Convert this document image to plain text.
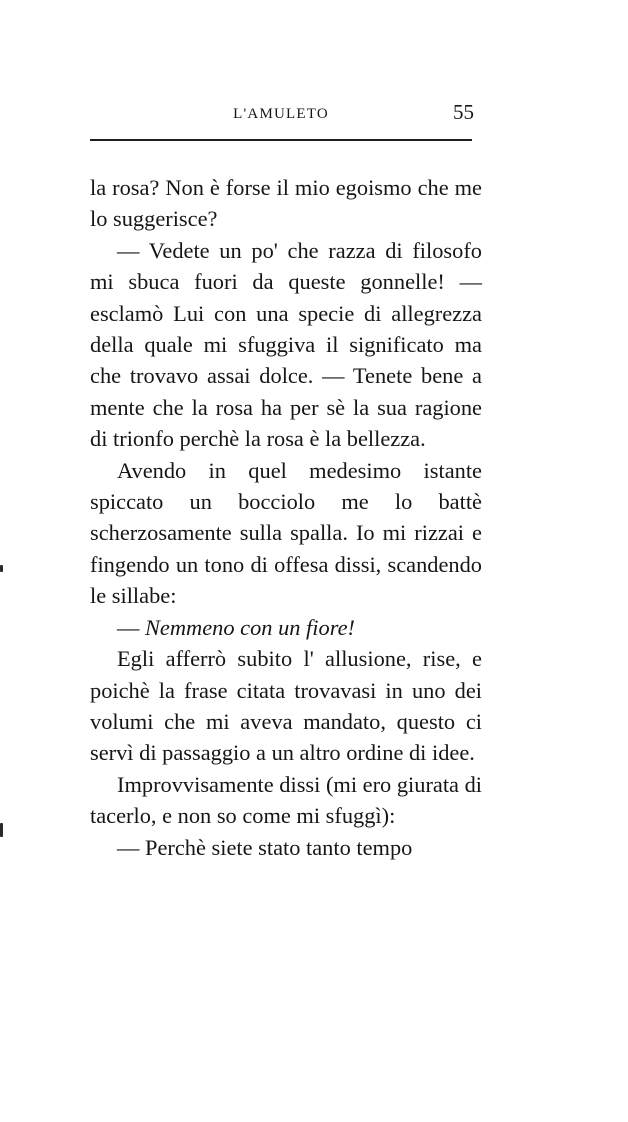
L'AMULETO	55

la rosa? Non è forse il mio egoismo che me lo suggerisce?

— Vedete un po' che razza di filosofo mi sbuca fuori da queste gonnelle! — esclamò Lui con una specie di allegrezza della quale mi sfuggiva il significato ma che trovavo assai dolce. — Tenete bene a mente che la rosa ha per sè la sua ragione di trionfo perchè la rosa è la bellezza.

Avendo in quel medesimo istante spiccato un bocciolo me lo battè scherzosamente sulla spalla. Io mi rizzai e fingendo un tono di offesa dissi, scandendo le sillabe:

— Nemmeno con un fiore!

Egli afferrò subito l' allusione, rise, e poichè la frase citata trovavasi in uno dei volumi che mi aveva mandato, questo ci servì di passaggio a un altro ordine di idee.

Improvvisamente dissi (mi ero giurata di tacerlo, e non so come mi sfuggì):

— Perchè siete stato tanto tempo
